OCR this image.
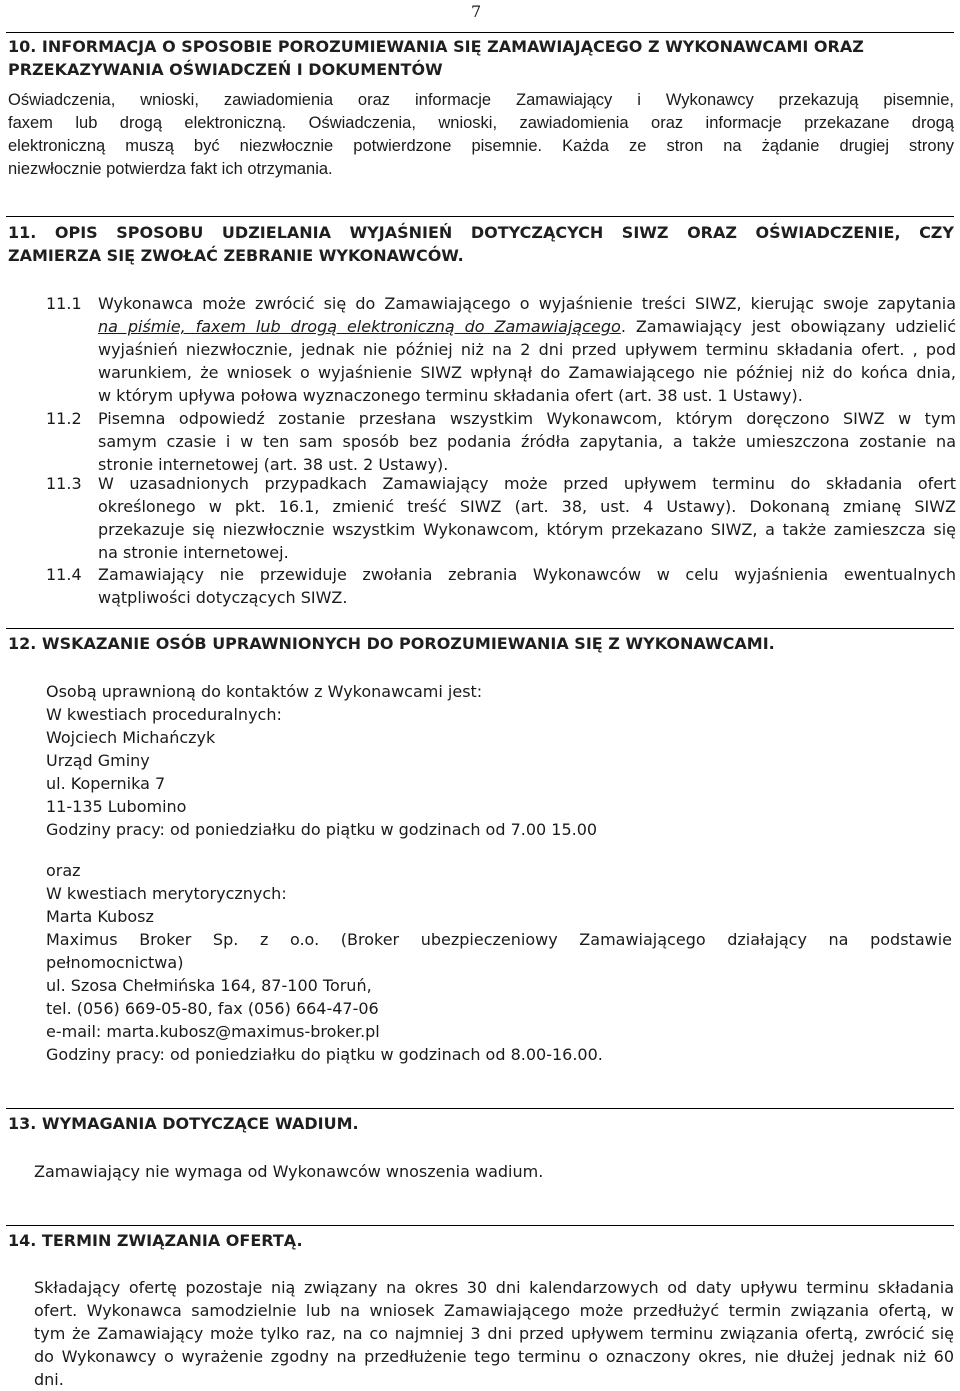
7
10. INFORMACJA O SPOSOBIE POROZUMIEWANIA SIĘ ZAMAWIAJĄCEGO Z WYKONAWCAMI ORAZ
PRZEKAZYWANIA OŚWIADCZEŃ I DOKUMENTÓW
Oświadczenia, wnioski, zawiadomienia oraz informacje Zamawiający i Wykonawcy przekazują pisemnie,
faxem lub drogą elektroniczną. Oświadczenia, wnioski, zawiadomienia oraz informacje przekazane drogą
elektroniczną muszą być niezwłocznie potwierdzone pisemnie. Każda ze stron na żądanie drugiej strony
niezwłocznie potwierdza fakt ich otrzymania.
11. OPIS SPOSOBU UDZIELANIA WYJAŚNIEŃ DOTYCZĄCYCH SIWZ ORAZ OŚWIADCZENIE, CZY
ZAMIERZA SIĘ ZWOŁAĆ ZEBRANIE WYKONAWCÓW.
11.1 Wykonawca może zwrócić się do Zamawiającego o wyjaśnienie treści SIWZ, kierując swoje zapytania
na piśmie, faxem lub drogą elektroniczną do Zamawiającego. Zamawiający jest obowiązany udzielić
wyjaśnień niezwłocznie, jednak nie później niż na 2 dni przed upływem terminu składania ofert. , pod
warunkiem, że wniosek o wyjaśnienie SIWZ wpłynął do Zamawiającego nie później niż do końca dnia,
w którym upływa połowa wyznaczonego terminu składania ofert (art. 38 ust. 1 Ustawy).
11.2 Pisemna odpowiedź zostanie przesłana wszystkim Wykonawcom, którym doręczono SIWZ w tym
samym czasie i w ten sam sposób bez podania źródła zapytania, a także umieszczona zostanie na
stronie internetowej (art. 38 ust. 2 Ustawy).
11.3 W uzasadnionych przypadkach Zamawiający może przed upływem terminu do składania ofert
określonego w pkt. 16.1, zmienić treść SIWZ (art. 38, ust. 4 Ustawy). Dokonaną zmianę SIWZ
przekazuje się niezwłocznie wszystkim Wykonawcom, którym przekazano SIWZ, a także zamieszcza się
na stronie internetowej.
11.4 Zamawiający nie przewiduje zwołania zebrania Wykonawców w celu wyjaśnienia ewentualnych
wątpliwości dotyczących SIWZ.
12. WSKAZANIE OSÓB UPRAWNIONYCH DO POROZUMIEWANIA SIĘ Z WYKONAWCAMI.
Osobą uprawnioną do kontaktów z Wykonawcami jest:
W kwestiach proceduralnych:
Wojciech Michańczyk
Urząd Gminy
ul. Kopernika 7
11-135 Lubomino
Godziny pracy: od poniedziałku do piątku w godzinach od 7.00 15.00
oraz
W kwestiach merytorycznych:
Marta Kubosz
Maximus Broker Sp. z o.o. (Broker ubezpieczeniowy Zamawiającego działający na podstawie
pełnomocnictwa)
ul. Szosa Chełmińska 164, 87-100 Toruń,
tel. (056) 669-05-80, fax (056) 664-47-06
e-mail: marta.kubosz@maximus-broker.pl
Godziny pracy: od poniedziałku do piątku w godzinach od 8.00-16.00.
13. WYMAGANIA DOTYCZĄCE WADIUM.
Zamawiający nie wymaga od Wykonawców wnoszenia wadium.
14. TERMIN ZWIĄZANIA OFERTĄ.
Składający ofertę pozostaje nią związany na okres 30 dni kalendarzowych od daty upływu terminu składania
ofert. Wykonawca samodzielnie lub na wniosek Zamawiającego może przedłużyć termin związania ofertą, w
tym że Zamawiający może tylko raz, na co najmniej 3 dni przed upływem terminu związania ofertą, zwrócić się
do Wykonawcy o wyrażenie zgodny na przedłużenie tego terminu o oznaczony okres, nie dłużej jednak niż 60
dni.
